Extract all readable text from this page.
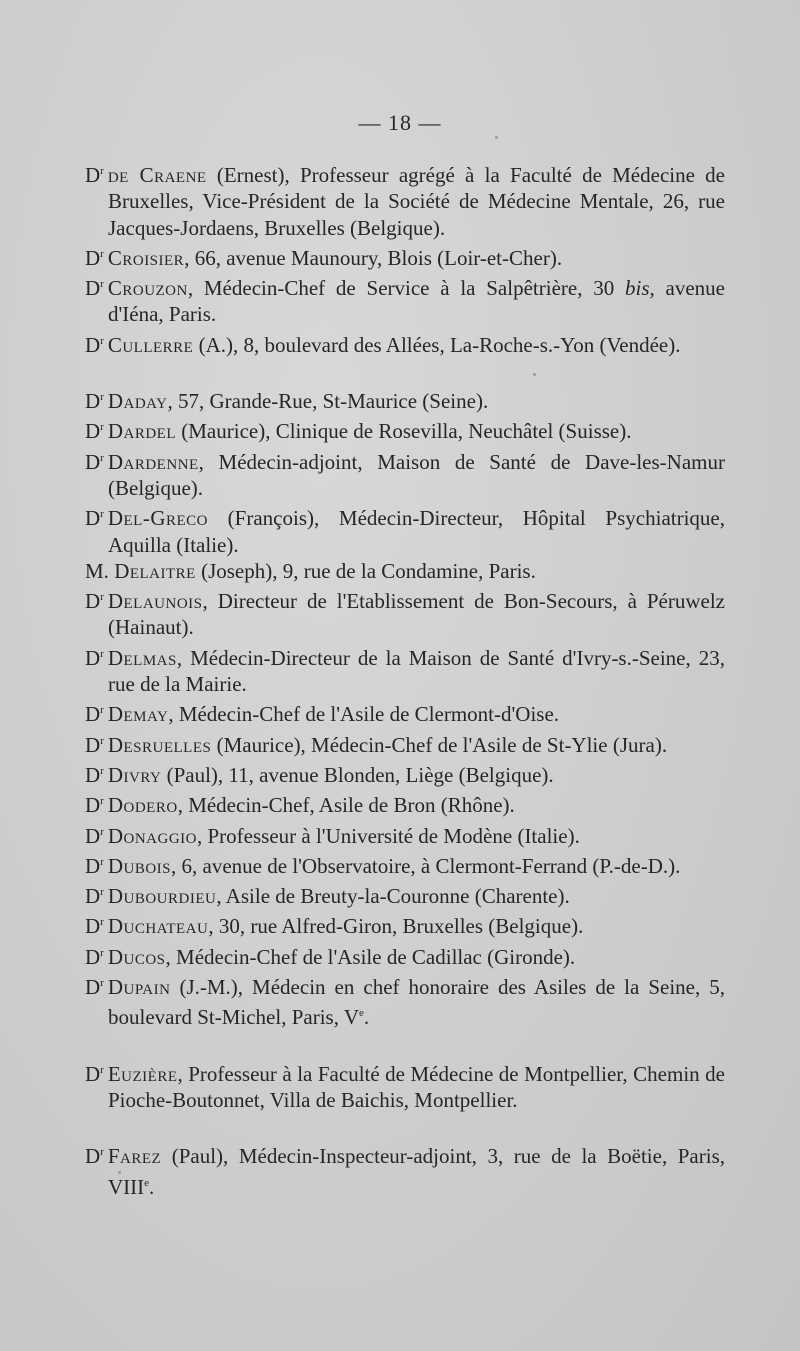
— 18 —
$D^r$ de Craene (Ernest), Professeur agrégé à la Faculté de Médecine de Bruxelles, Vice-Président de la Société de Médecine Mentale, 26, rue Jacques-Jordaens, Bruxelles (Belgique).
$D^r$ Croisier, 66, avenue Maunoury, Blois (Loir-et-Cher).
$D^r$ Crouzon, Médecin-Chef de Service à la Salpêtrière, 30 bis, avenue d'Iéna, Paris.
$D^r$ Cullerre (A.), 8, boulevard des Allées, La-Roche-s.-Yon (Vendée).
$D^r$ Daday, 57, Grande-Rue, St-Maurice (Seine).
$D^r$ Dardel (Maurice), Clinique de Rosevilla, Neuchâtel (Suisse).
$D^r$ Dardenne, Médecin-adjoint, Maison de Santé de Dave-les-Namur (Belgique).
$D^r$ Del-Greco (François), Médecin-Directeur, Hôpital Psychiatrique, Aquilla (Italie).
M. Delaitre (Joseph), 9, rue de la Condamine, Paris.
$D^r$ Delaunois, Directeur de l'Etablissement de Bon-Secours, à Péruwelz (Hainaut).
$D^r$ Delmas, Médecin-Directeur de la Maison de Santé d'Ivry-s.-Seine, 23, rue de la Mairie.
$D^r$ Demay, Médecin-Chef de l'Asile de Clermont-d'Oise.
$D^r$ Desruelles (Maurice), Médecin-Chef de l'Asile de St-Ylie (Jura).
$D^r$ Divry (Paul), 11, avenue Blonden, Liège (Belgique).
$D^r$ Dodero, Médecin-Chef, Asile de Bron (Rhône).
$D^r$ Donaggio, Professeur à l'Université de Modène (Italie).
$D^r$ Dubois, 6, avenue de l'Observatoire, à Clermont-Ferrand (P.-de-D.).
$D^r$ Dubourdieu, Asile de Breuty-la-Couronne (Charente).
$D^r$ Duchateau, 30, rue Alfred-Giron, Bruxelles (Belgique).
$D^r$ Ducos, Médecin-Chef de l'Asile de Cadillac (Gironde).
$D^r$ Dupain (J.-M.), Médecin en chef honoraire des Asiles de la Seine, 5, boulevard St-Michel, Paris, Ve.
$D^r$ Euzière, Professeur à la Faculté de Médecine de Montpellier, Chemin de Pioche-Boutonnet, Villa de Baichis, Montpellier.
$D^r$ Farez (Paul), Médecin-Inspecteur-adjoint, 3, rue de la Boëtie, Paris, VIIIe.
